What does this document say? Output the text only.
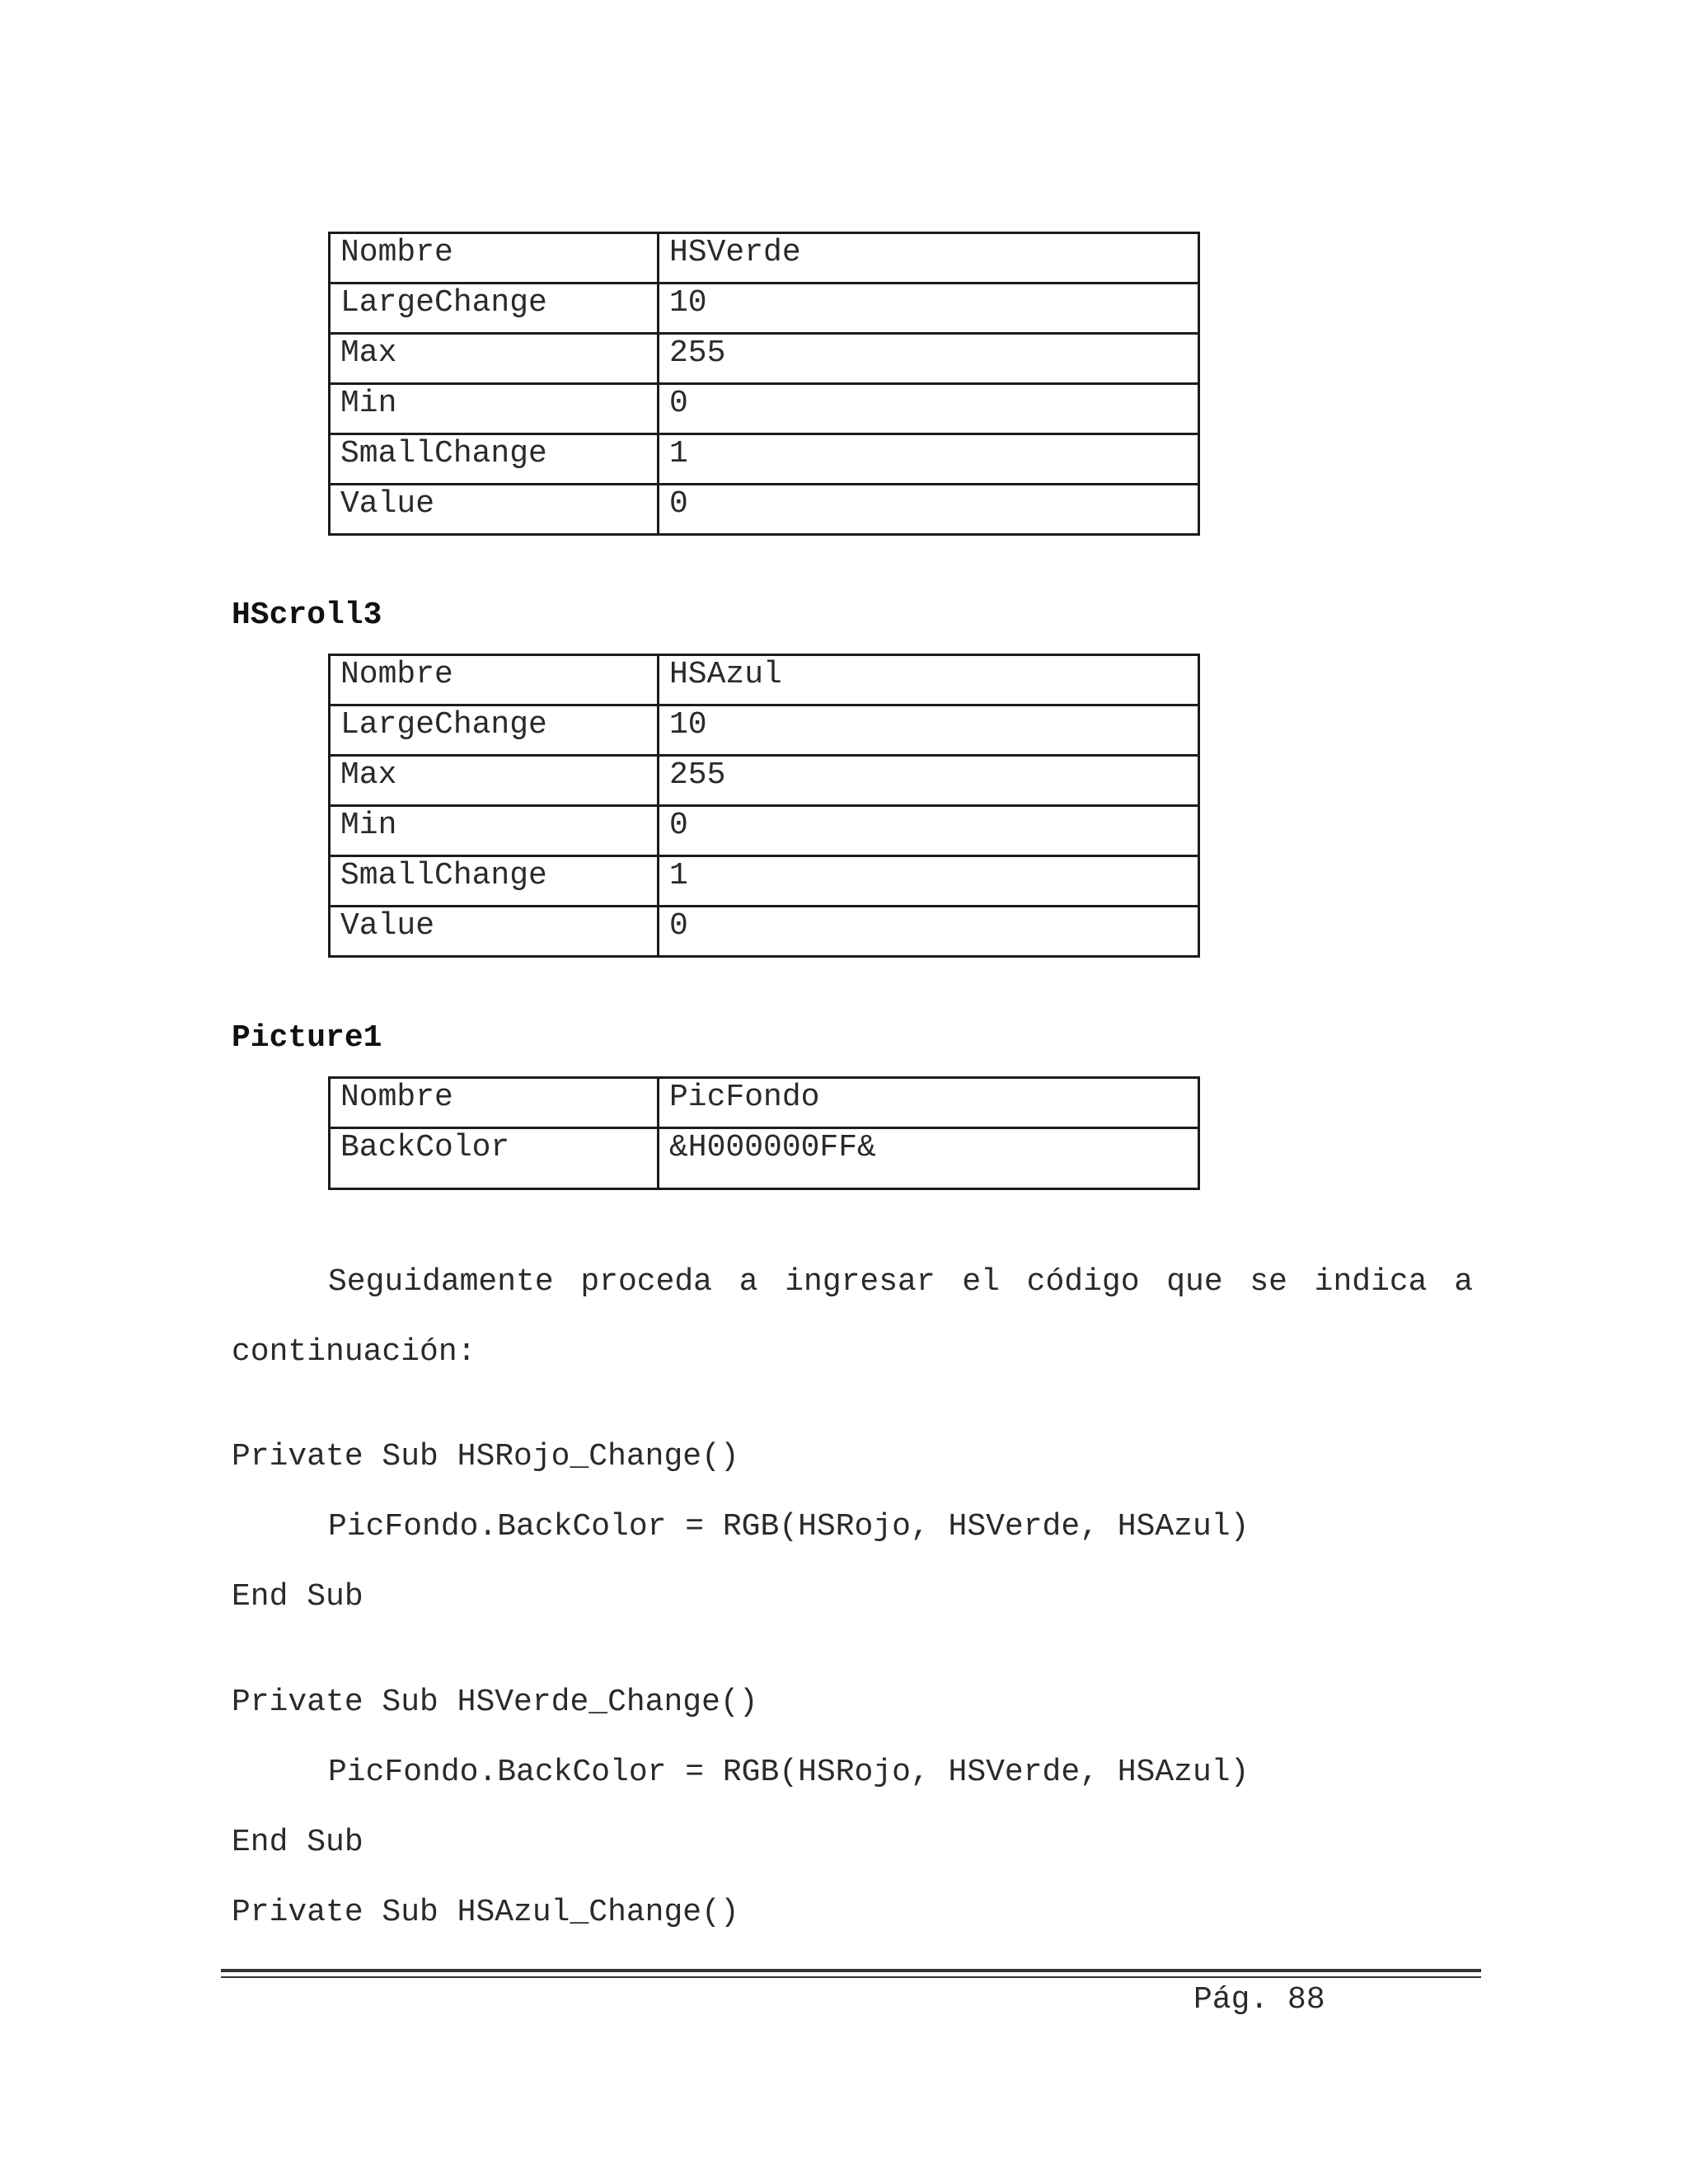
Nombre	HSVerde
LargeChange	10
Max	255
Min	0
SmallChange	1
Value	0
HScroll3
Nombre	HSAzul
LargeChange	10
Max	255
Min	0
SmallChange	1
Value	0
Picture1
Nombre	PicFondo
BackColor	&H000000FF&
Seguidamente proceda a ingresar el código que se indica a
continuación:
Private Sub HSRojo_Change()
PicFondo.BackColor = RGB(HSRojo, HSVerde, HSAzul)
End Sub
Private Sub HSVerde_Change()
PicFondo.BackColor = RGB(HSRojo, HSVerde, HSAzul)
End Sub
Private Sub HSAzul_Change()
Pág. 88
